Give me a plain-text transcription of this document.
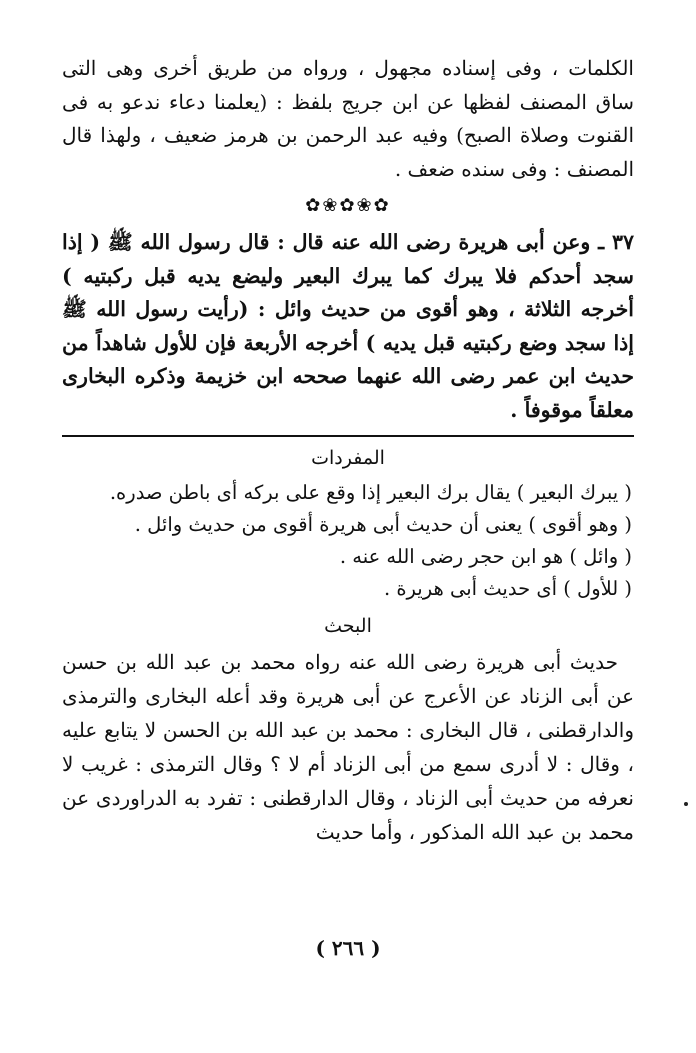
الكلمات ، وفى إسناده مجهول ، ورواه من طريق أخرى وهى التى ساق المصنف لفظها عن ابن جريج بلفظ : (يعلمنا دعاء ندعو به فى القنوت وصلاة الصبح) وفيه عبد الرحمن بن هرمز ضعيف ، ولهذا قال المصنف : وفى سنده ضعف .

✿❀✿❀✿

٣٧ ـ وعن أبى هريرة رضى الله عنه قال : قال رسول الله ﷺ ( إذا سجد أحدكم فلا يبرك كما يبرك البعير وليضع يديه قبل ركبتيه ) أخرجه الثلاثة ، وهو أقوى من حديث وائل : (رأيت رسول الله ﷺ إذا سجد وضع ركبتيه قبل يديه ) أخرجه الأربعة فإن للأول شاهداً من حديث ابن عمر رضى الله عنهما صححه ابن خزيمة وذكره البخارى معلقاً موقوفاً .

المفردات
( يبرك البعير ) يقال برك البعير إذا وقع على بركه أى باطن صدره.
( وهو أقوى ) يعنى أن حديث أبى هريرة أقوى من حديث وائل .
( وائل ) هو ابن حجر رضى الله عنه .
( للأول ) أى حديث أبى هريرة .
البحث

حديث أبى هريرة رضى الله عنه رواه محمد بن عبد الله بن حسن عن أبى الزناد عن الأعرج عن أبى هريرة وقد أعله البخارى والترمذى والدارقطنى ، قال البخارى : محمد بن عبد الله بن الحسن لا يتابع عليه ، وقال : لا أدرى سمع من أبى الزناد أم لا ؟ وقال الترمذى : غريب لا نعرفه من حديث أبى الزناد ، وقال الدارقطنى : تفرد به الدراوردى عن محمد بن عبد الله المذكور ، وأما حديث

( ٢٦٦ )
